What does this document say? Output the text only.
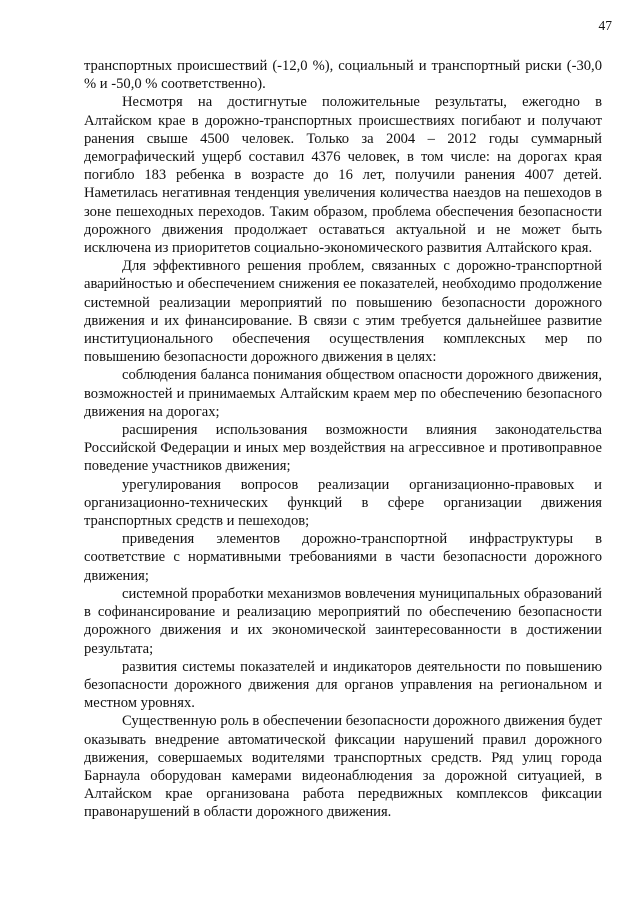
47

транспортных происшествий (-12,0 %), социальный и транспортный риски (-30,0 % и -50,0 % соответственно).

Несмотря на достигнутые положительные результаты, ежегодно в Алтайском крае в дорожно-транспортных происшествиях погибают и получают ранения свыше 4500 человек. Только за 2004 – 2012 годы суммарный демографический ущерб составил 4376 человек, в том числе: на дорогах края погибло 183 ребенка в возрасте до 16 лет, получили ранения 4007 детей. Наметилась негативная тенденция увеличения количества наездов на пешеходов в зоне пешеходных переходов. Таким образом, проблема обеспечения безопасности дорожного движения продолжает оставаться актуальной и не может быть исключена из приоритетов социально-экономического развития Алтайского края.

Для эффективного решения проблем, связанных с дорожно-транспортной аварийностью и обеспечением снижения ее показателей, необходимо продолжение системной реализации мероприятий по повышению безопасности дорожного движения и их финансирование. В связи с этим требуется дальнейшее развитие институционального обеспечения осуществления комплексных мер по повышению безопасности дорожного движения в целях:

соблюдения баланса понимания обществом опасности дорожного движения, возможностей и принимаемых Алтайским краем мер по обеспечению безопасного движения на дорогах;

расширения использования возможности влияния законодательства Российской Федерации и иных мер воздействия на агрессивное и противоправное поведение участников движения;

урегулирования вопросов реализации организационно-правовых и организационно-технических функций в сфере организации движения транспортных средств и пешеходов;

приведения элементов дорожно-транспортной инфраструктуры в соответствие с нормативными требованиями в части безопасности дорожного движения;

системной проработки механизмов вовлечения муниципальных образований в софинансирование и реализацию мероприятий по обеспечению безопасности дорожного движения и их экономической заинтересованности в достижении результата;

развития системы показателей и индикаторов деятельности по повышению безопасности дорожного движения для органов управления на региональном и местном уровнях.

Существенную роль в обеспечении безопасности дорожного движения будет оказывать внедрение автоматической фиксации нарушений правил дорожного движения, совершаемых водителями транспортных средств. Ряд улиц города Барнаула оборудован камерами видеонаблюдения за дорожной ситуацией, в Алтайском крае организована работа передвижных комплексов фиксации правонарушений в области дорожного движения.
